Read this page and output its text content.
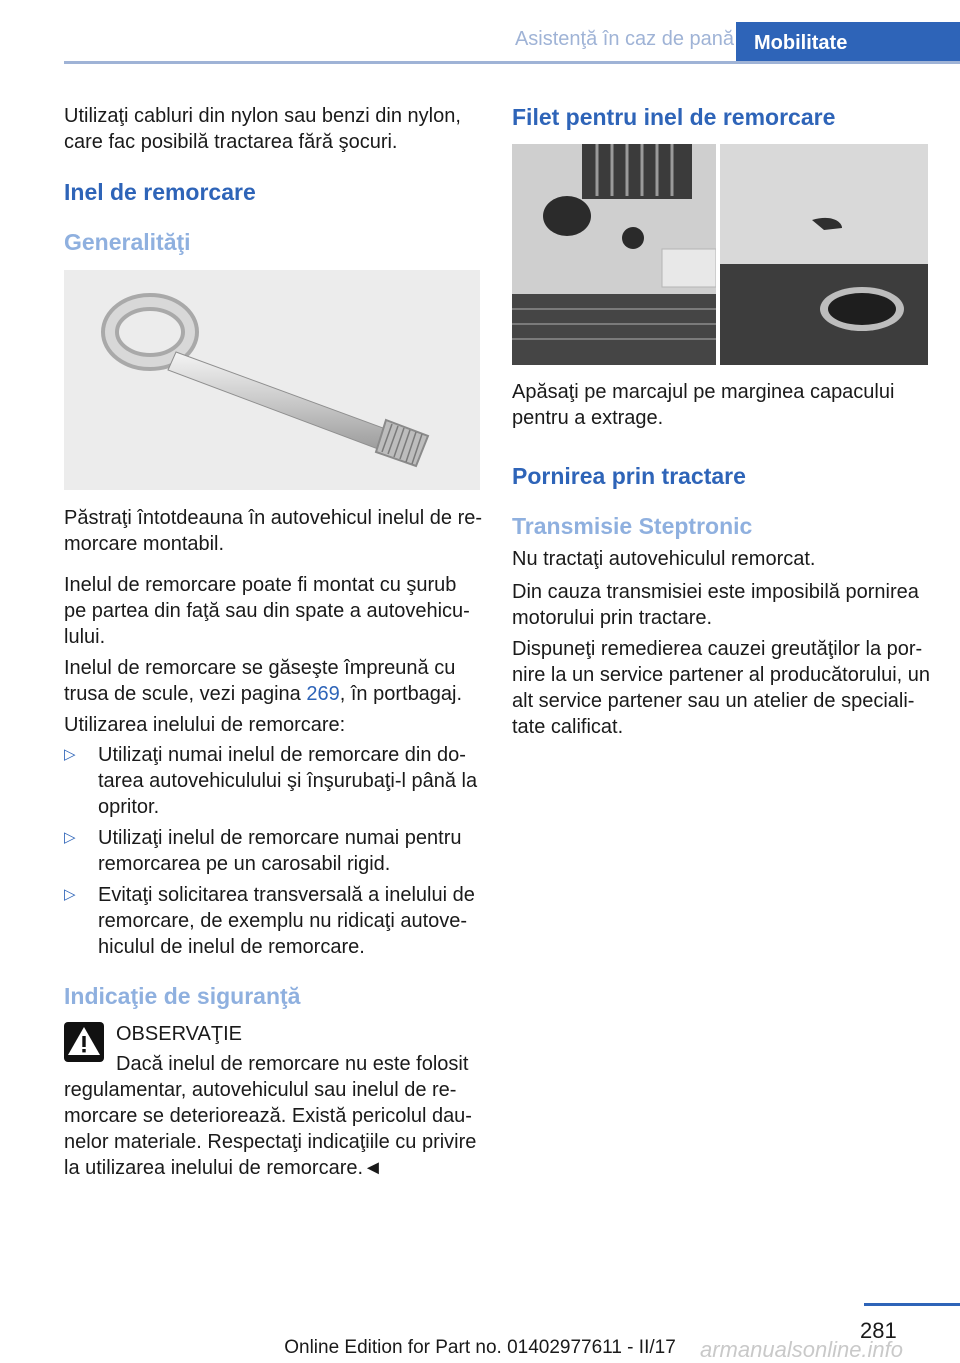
Asistenţă în caz de pană	Mobilitate
Utilizaţi cabluri din nylon sau benzi din nylon,
care fac posibilă tractarea fără şocuri.
Inel de remorcare
Generalităţi
Păstraţi întotdeauna în autovehicul inelul de re-
morcare montabil.
Inelul de remorcare poate fi montat cu şurub
pe partea din faţă sau din spate a autovehicu-
lului.
Inelul de remorcare se găseşte împreună cu
trusa de scule, vezi pagina 269, în portbagaj.
Utilizarea inelului de remorcare:
▷ Utilizaţi numai inelul de remorcare din do-
tarea autovehiculului şi înşurubaţi-l până la
opritor.
▷ Utilizaţi inelul de remorcare numai pentru
remorcarea pe un carosabil rigid.
▷ Evitaţi solicitarea transversală a inelului de
remorcare, de exemplu nu ridicaţi autove-
hiculul de inelul de remorcare.
Indicaţie de siguranţă
OBSERVAŢIE
Dacă inelul de remorcare nu este folosit
regulamentar, autovehiculul sau inelul de re-
morcare se deteriorează. Există pericolul dau-
nelor materiale. Respectaţi indicaţiile cu privire
la utilizarea inelului de remorcare.◄
Filet pentru inel de remorcare
Apăsaţi pe marcajul pe marginea capacului
pentru a extrage.
Pornirea prin tractare
Transmisie Steptronic
Nu tractaţi autovehiculul remorcat.
Din cauza transmisiei este imposibilă pornirea
motorului prin tractare.
Dispuneţi remedierea cauzei greutăţilor la por-
nire la un service partener al producătorului, un
alt service partener sau un atelier de speciali-
tate calificat.
281
armanualsonline.info
Online Edition for Part no. 01402977611 - II/17
